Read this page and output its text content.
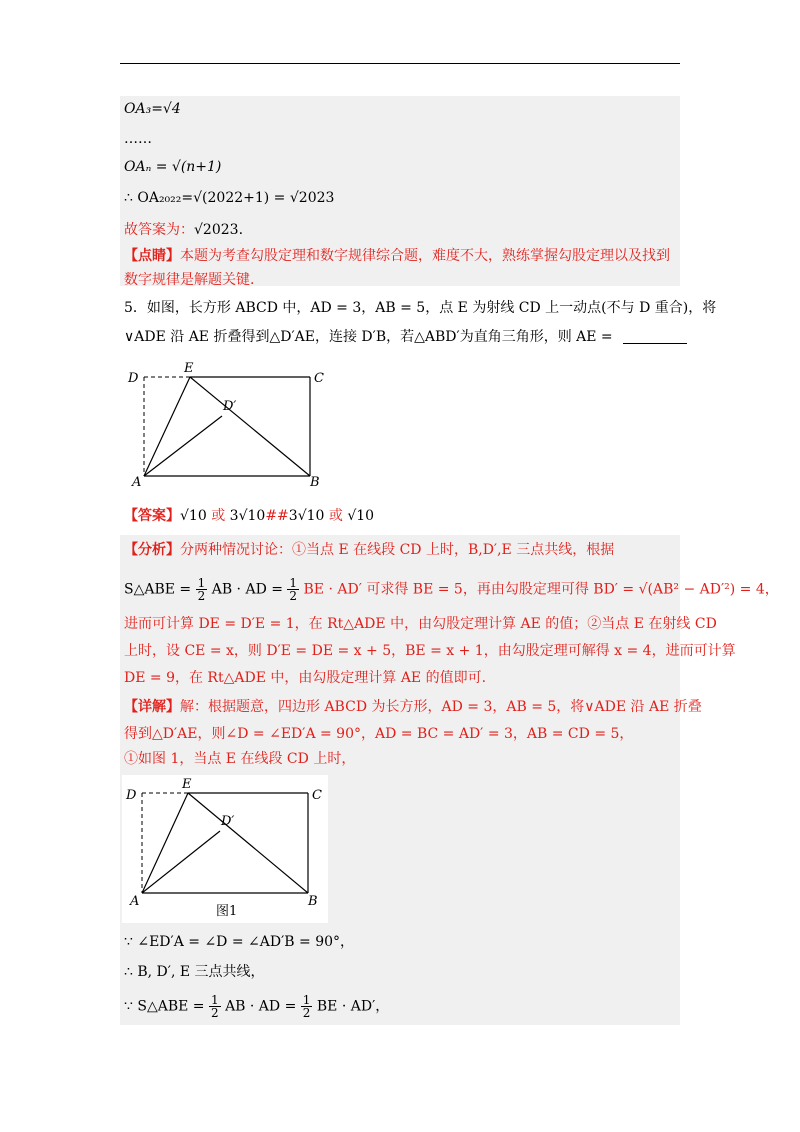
OA₃=√4
……
OAₙ = √(n+1)
∴ OA₂₀₂₂=√(2022+1) = √2023
故答案为：√2023.
【点睛】本题为考查勾股定理和数字规律综合题，难度不大，熟练掌握勾股定理以及找到
数字规律是解题关键.
5．如图，长方形 ABCD 中，AD = 3，AB = 5，点 E 为射线 CD 上一动点(不与 D 重合)，将
∨ADE 沿 AE 折叠得到△D′AE，连接 D′B，若△ABD′为直角三角形，则 AE =
D
E
C
D′
A	B
【答案】√10 或 3√10##3√10 或 √10
【分析】分两种情况讨论：①当点 E 在线段 CD 上时，B,D′,E 三点共线，根据
S△ABE = $\frac{1}{2}$ AB · AD = $\frac{1}{2}$ BE · AD′ 可求得 BE = 5，再由勾股定理可得 BD′ = √(AB² − AD′²) = 4，
进而可计算 DE = D′E = 1，在 Rt△ADE 中，由勾股定理计算 AE 的值；②当点 E 在射线 CD
上时，设 CE = x，则 D′E = DE = x + 5，BE = x + 1，由勾股定理可解得 x = 4，进而可计算
DE = 9，在 Rt△ADE 中，由勾股定理计算 AE 的值即可.
【详解】解：根据题意，四边形 ABCD 为长方形，AD = 3，AB = 5，将∨ADE 沿 AE 折叠
得到△D′AE，则∠D = ∠ED′A = 90°，AD = BC = AD′ = 3，AB = CD = 5，
①如图 1，当点 E 在线段 CD 上时，
D
E
C
D′
A	B
图1
∵ ∠ED′A = ∠D = ∠AD′B = 90°，
∴ B, D′, E 三点共线，
∵ S△ABE = $\frac{1}{2}$ AB · AD = $\frac{1}{2}$ BE · AD′，
